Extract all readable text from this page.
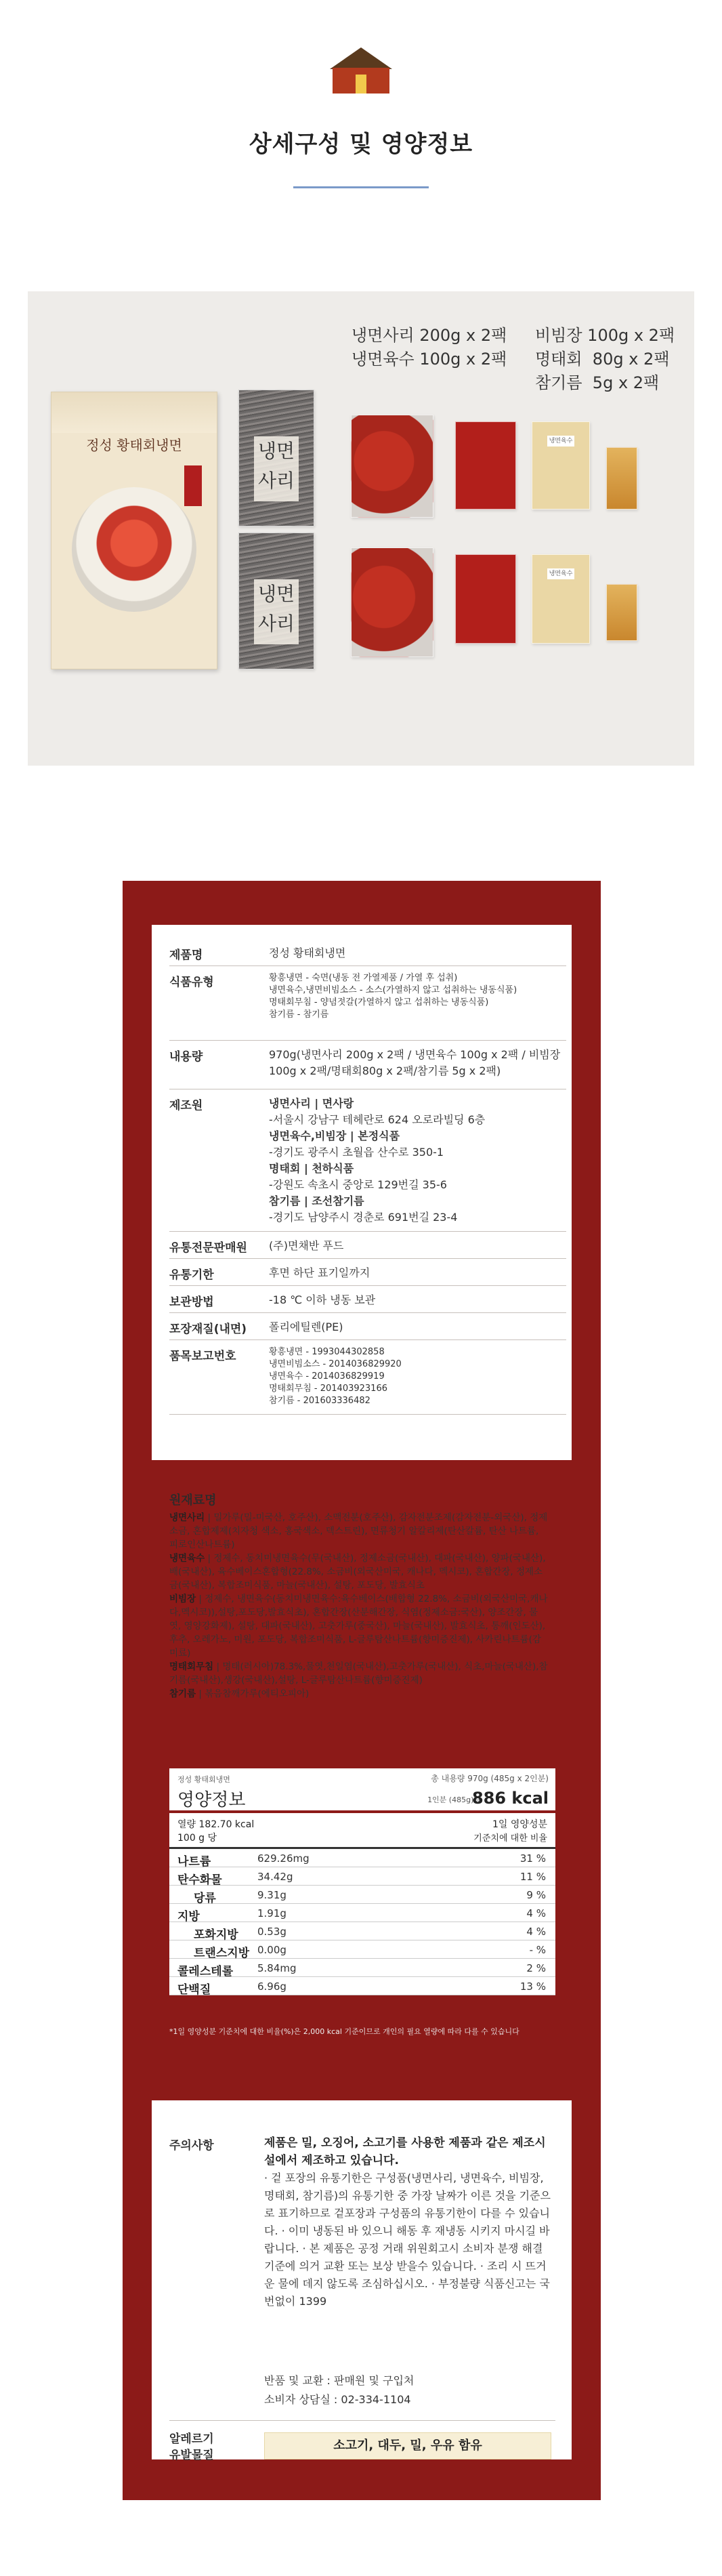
상세구성 및 영양정보
냉면사리 200g x 2팩
냉면육수 100g x 2팩
비빔장 100g x 2팩
명태회  80g x 2팩
참기름  5g x 2팩
정성 황태회냉면	냉면
사리
냉면육수
냉면
사리
냉면육수
제품명	정성 황태회냉면
식품유형	황흥냉면 - 숙면(냉동 전 가열제품 / 가열 후 섭취)
냉면육수,냉면비빔소스 - 소스(가열하지 않고 섭취하는 냉동식품)
명태회무침 - 양념젓갈(가열하지 않고 섭취하는 냉동식품)
참기름 - 참기름
내용량	970g(냉면사리 200g x 2팩 / 냉면육수 100g x 2팩 / 비빔장100g x 2팩/명태회80g x 2팩/참기름 5g x 2팩)
제조원	냉면사리 | 면사랑
-서울시 강남구 테헤란로 624 오로라빌딩 6층
냉면육수,비빔장 | 본정식품
-경기도 광주시 초월읍 산수로 350-1
명태회 | 천하식품
-강원도 속초시 중앙로 129번길 35-6
참기름 | 조선참기름
-경기도 남양주시 경춘로 691번길 23-4
유통전문판매원 (주)면채반 푸드
유통기한	후면 하단 표기일까지
보관방법	-18 ℃ 이하 냉동 보관
포장재질(내면) 폴리에틸렌(PE)
품목보고번호	황흥냉면 - 1993044302858
냉면비빔소스 - 2014036829920
냉면육수 - 2014036829919
명태회무침 - 201403923166
참기름 - 201603336482
원재료명
냉면사리 | 밀가루(밀-미국산, 호주산), 소맥전분(호주산), 감자전분조제(감자전분-외국산), 정제소금, 혼합제제(치자청 색소, 홍국색소, 덱스트린), 면류청기 알칼리제(탄산칼륨, 탄산 나트륨, 피로인산나트륨)
냉면육수 | 정제수, 동치미냉면육수(무(국내산), 정제소금(국내산), 대파(국내산), 양파(국내산), 배(국내산), 육수베이스혼합형(22.8%, 소금비(외국산미국, 캐나다, 멕시코), 혼합간장, 정제소금(국내산), 복합조미식품, 마늘(국내산), 설탕, 포도당, 발효식초
비빔장 | 정제수, 냉면육수(동치미냉면육수:육수베이스(배합형 22.8%, 소금비(외국산미국,캐나다,멕시코)),설탕,포도당,발효식초), 혼합간장(산분해간장, 식염(정제소금:국산), 양조간장, 물엿, 영양강화제), 설탕, 대파(국내산), 고춧가루(중국산), 마늘(국내산), 발효식초, 통깨(인도산), 후추, 오레가노, 미원, 포도당, 복합조미식품, L-글루탐산나트륨(향미증진제), 사카린나트륨(감미료)
명태회무침 | 명태(러시아)78.3%,물엿,천일염(국내산),고춧가루(국내산), 식초,마늘(국내산),참기름(국내산),생강(국내산),설탕, L-글루탐산나트륨(향미증진제)
참기름 | 볶음참깨가루(에티오피아)
정성 황태회냉면
영양정보
총 내용량 970g (485g x 2인분)
1인분 (485g)당
886 kcal
열량 182.70 kcal
100 g 당
1일 영양성분
기준치에 대한 비율
나트륨	629.26mg	31 %
탄수화물	34.42g	11 %
당류	9.31g	9 %
지방	1.91g	4 %
포화지방 0.53g	4 %
트랜스지방 0.00g	- %
콜레스테롤 5.84mg	2 %
단백질	6.96g	13 %
*1일 영양성분 기준치에 대한 비율(%)은 2,000 kcal 기준이므로 개인의 필요 열량에 따라 다를 수 있습니다
주의사항	제품은 밀, 오징어, 소고기를 사용한 제품과 같은 제조시설에서 제조하고 있습니다.
· 겉 포장의 유통기한은 구성품(냉면사리, 냉면육수, 비빔장, 명태회, 참기름)의 유통기한 중 가장 날짜가 이른 것을 기준으로 표기하므로 겉포장과 구성품의 유통기한이 다를 수 있습니다. · 이미 냉동된 바 있으니 해동 후 재냉동 시키지 마시길 바랍니다. · 본 제품은 공정 거래 위원회고시 소비자 분쟁 해결 기준에 의거 교환 또는 보상 받을수 있습니다. · 조리 시 뜨거운 물에 데지 않도록 조심하십시오. · 부정불량 식품신고는 국번없이 1399
반품 및 교환 : 판매원 및 구입처
소비자 상담실 : 02-334-1104
알레르기
유발물질
소고기, 대두, 밀, 우유 함유
